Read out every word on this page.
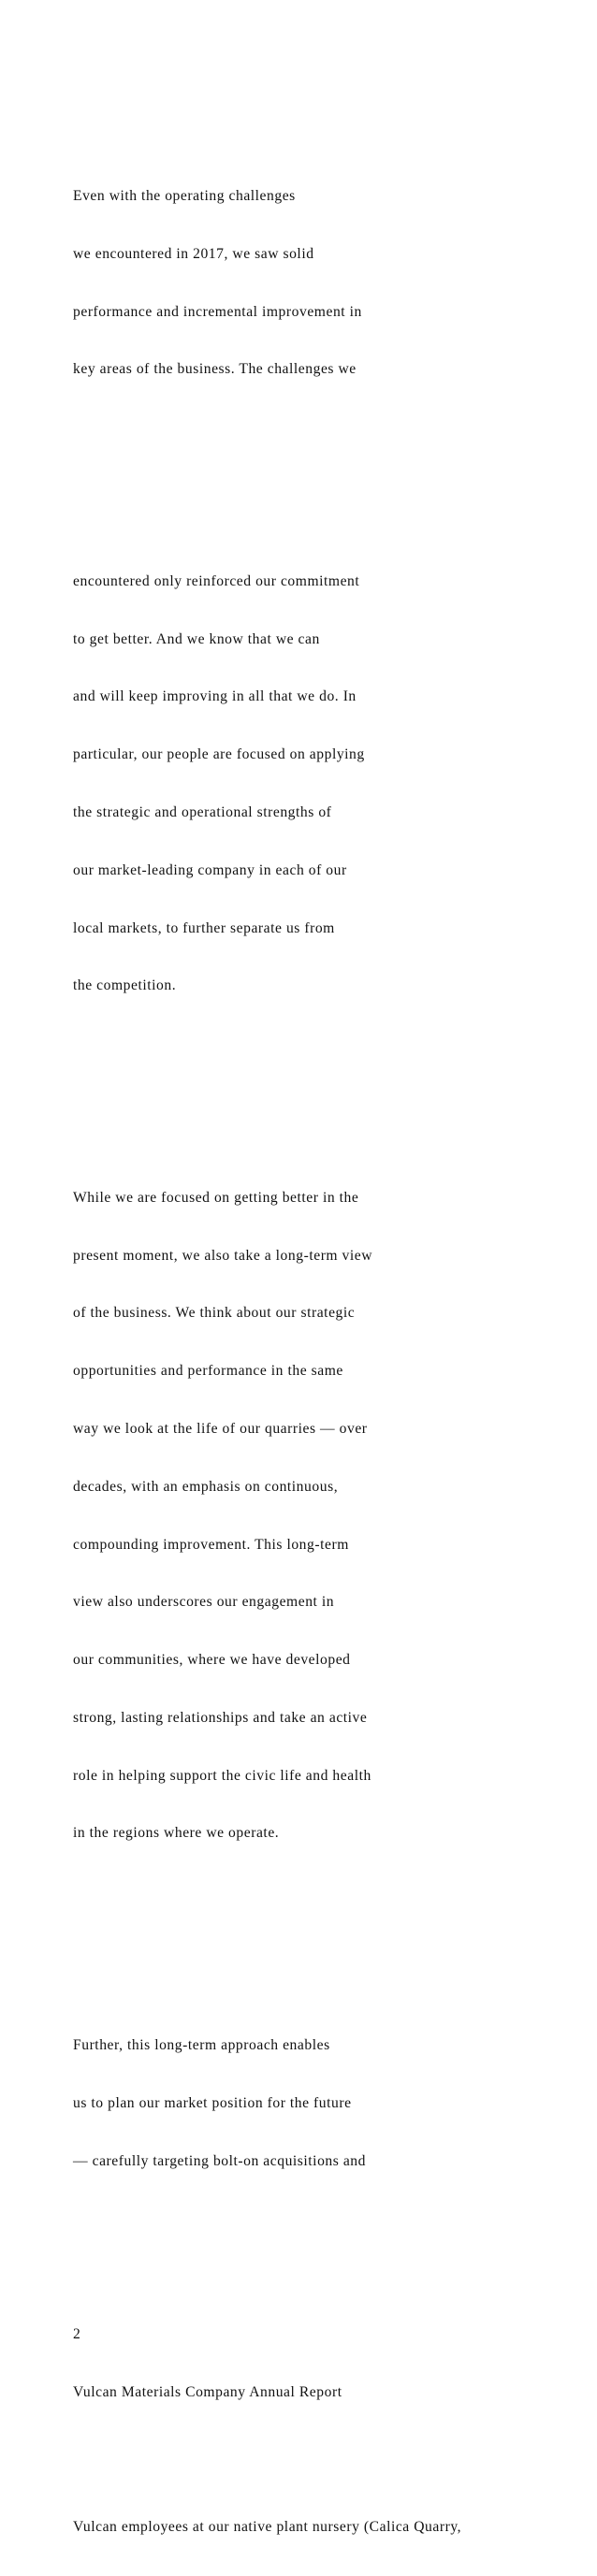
Even with the operating challenges

we encountered in 2017, we saw solid

performance and incremental improvement in

key areas of the business. The challenges we

encountered only reinforced our commitment

to get better. And we know that we can

and will keep improving in all that we do. In

particular, our people are focused on applying

the strategic and operational strengths of

our market-leading company in each of our

local markets, to further separate us from

the competition.

While we are focused on getting better in the

present moment, we also take a long-term view

of the business. We think about our strategic

opportunities and performance in the same

way we look at the life of our quarries — over

decades, with an emphasis on continuous,

compounding improvement. This long-term

view also underscores our engagement in

our communities, where we have developed

strong, lasting relationships and take an active

role in helping support the civic life and health

in the regions where we operate.

Further, this long-term approach enables

us to plan our market position for the future

— carefully targeting bolt-on acquisitions and

2

Vulcan Materials Company Annual Report

Vulcan employees at our native plant nursery (Calica Quarry,
